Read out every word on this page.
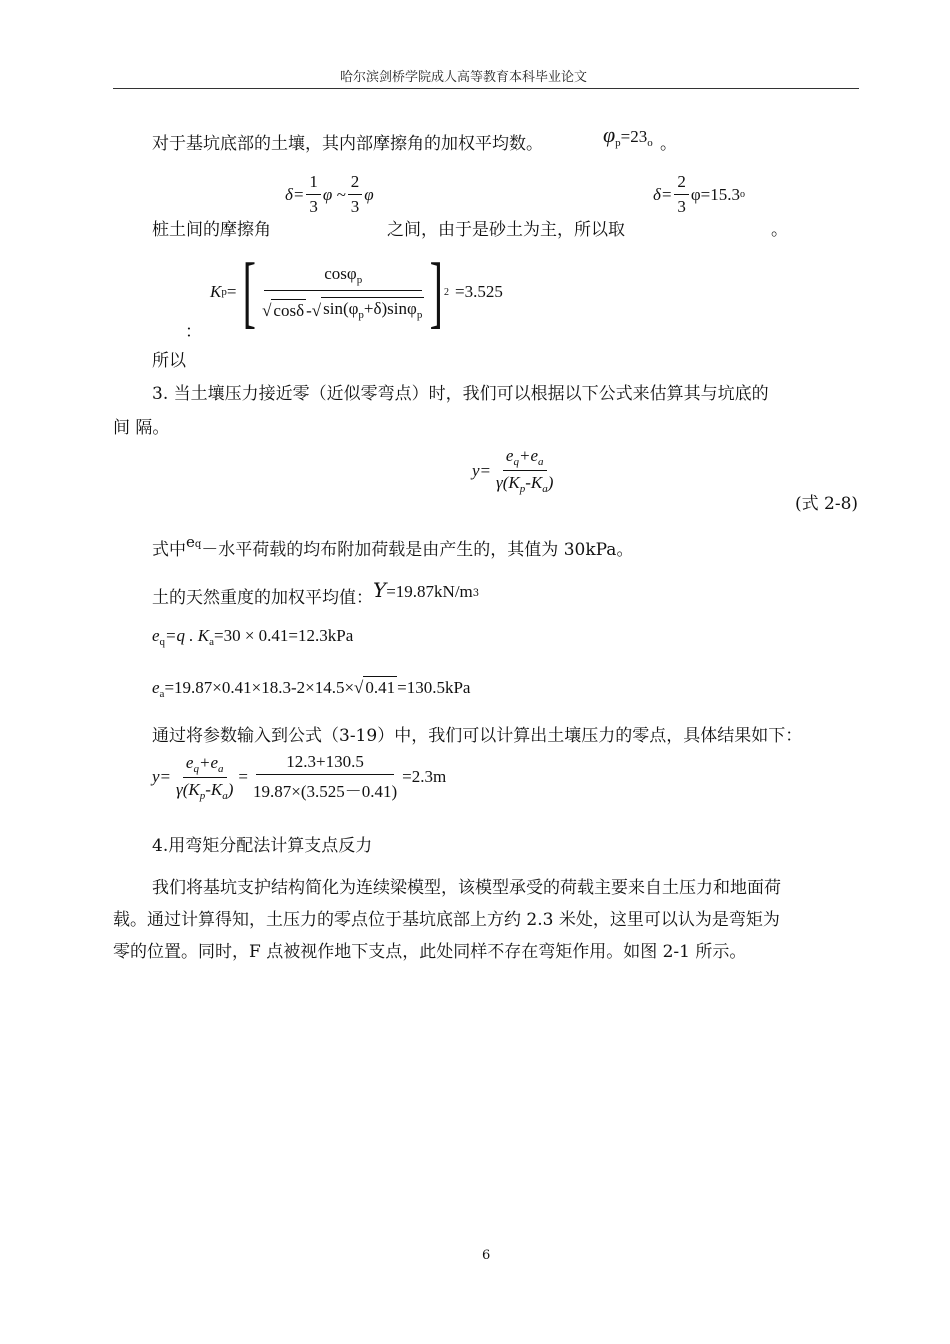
哈尔滨剑桥学院成人高等教育本科毕业论文
对于基坑底部的土壤，其内部摩擦角的加权平均数。	$\varphi_p=23_o$ 。
$\delta= \frac{1}{3}$ φ ~ $\frac{2}{3}$ φ	$\delta= \frac{2}{3} \varphi=15.3$ o
桩土间的摩擦角	之间，由于是砂土为主，所以取	。
K p = [ $\frac{\cos\varphi_p}{√ \cos\delta -√ \sin(\varphi_p+\delta)\sin\varphi_p}$ ] 2 =3.525
：
所以
3. 当土壤压力接近零（近似零弯点）时，我们可以根据以下公式来估算其与坑底的
间 隔。
$y= \frac{e_q+e_a}{\gamma(K_p-K_a)}$
(式 2-8)
式中eq－水平荷载的均布附加荷载是由产生的，其值为 30kPa。
土的天然重度的加权平均值：$Y=19.87kN/m^3$
$e_q=q$ . $K_a=30 \times 0.41=12.3kPa$
$e_a=19.87\times 0.41\times 18.3-2\times 14.5\times√$ 0.41 =130.5kPa
通过将参数输入到公式（3-19）中，我们可以计算出土壤压力的零点，具体结果如下：
$y= \frac{e_q+e_a}{\gamma(K_p-K_a)} = \frac{12.3+130.5}{19.87\times(3.525-0.41)} =2.3m$
4.用弯矩分配法计算支点反力
我们将基坑支护结构简化为连续梁模型，该模型承受的荷载主要来自土压力和地面荷
载。通过计算得知，土压力的零点位于基坑底部上方约 2.3 米处，这里可以认为是弯矩为
零的位置。同时，F 点被视作地下支点，此处同样不存在弯矩作用。如图 2-1 所示。
6
